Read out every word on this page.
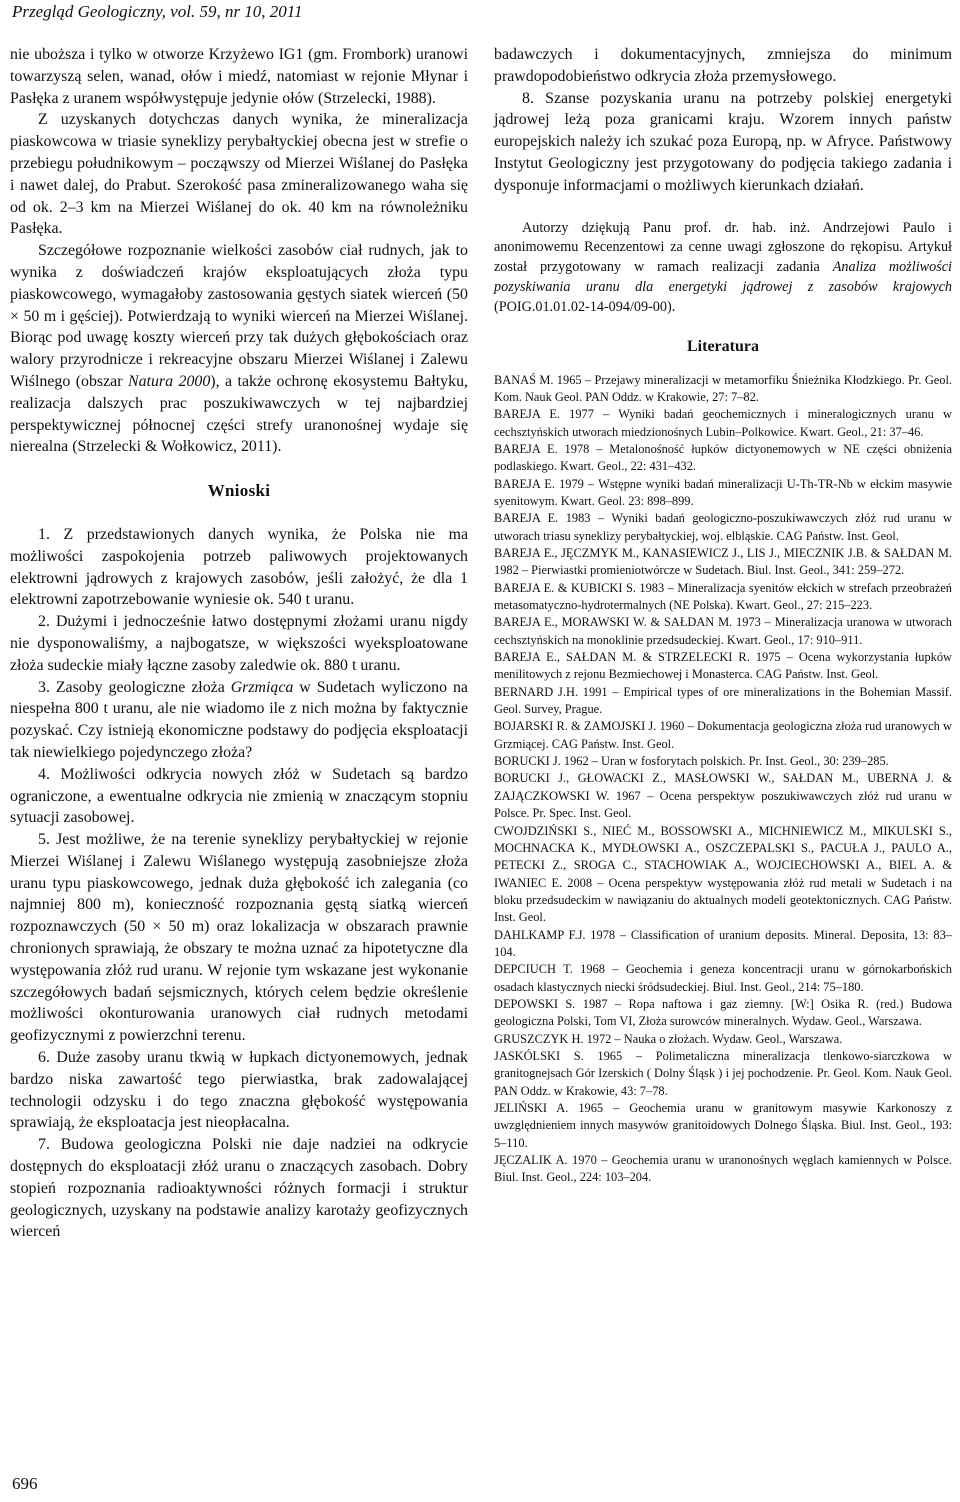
Przegląd Geologiczny, vol. 59, nr 10, 2011

nie uboższa i tylko w otworze Krzyżewo IG1 (gm. Frombork) uranowi towarzyszą selen, wanad, ołów i miedź, natomiast w rejonie Młynar i Pasłęka z uranem współwystępuje jedynie ołów (Strzelecki, 1988).

Z uzyskanych dotychczas danych wynika, że mineralizacja piaskowcowa w triasie syneklizy perybałtyckiej obecna jest w strefie o przebiegu południkowym – począwszy od Mierzei Wiślanej do Pasłęka i nawet dalej, do Prabut. Szerokość pasa zmineralizowanego waha się od ok. 2–3 km na Mierzei Wiślanej do ok. 40 km na równoleżniku Pasłęka.

Szczegółowe rozpoznanie wielkości zasobów ciał rudnych, jak to wynika z doświadczeń krajów eksploatujących złoża typu piaskowcowego, wymagałoby zastosowania gęstych siatek wierceń (50 × 50 m i gęściej). Potwierdzają to wyniki wierceń na Mierzei Wiślanej. Biorąc pod uwagę koszty wierceń przy tak dużych głębokościach oraz walory przyrodnicze i rekreacyjne obszaru Mierzei Wiślanej i Zalewu Wiślnego (obszar Natura 2000), a także ochronę ekosystemu Bałtyku, realizacja dalszych prac poszukiwawczych w tej najbardziej perspektywicznej północnej części strefy uranonośnej wydaje się nierealna (Strzelecki & Wołkowicz, 2011).

Wnioski

1. Z przedstawionych danych wynika, że Polska nie ma możliwości zaspokojenia potrzeb paliwowych projektowanych elektrowni jądrowych z krajowych zasobów, jeśli założyć, że dla 1 elektrowni zapotrzebowanie wyniesie ok. 540 t uranu.

2. Dużymi i jednocześnie łatwo dostępnymi złożami uranu nigdy nie dysponowaliśmy, a najbogatsze, w większości wyeksploatowane złoża sudeckie miały łączne zasoby zaledwie ok. 880 t uranu.

3. Zasoby geologiczne złoża Grzmiąca w Sudetach wyliczono na niespełna 800 t uranu, ale nie wiadomo ile z nich można by faktycznie pozyskać. Czy istnieją ekonomiczne podstawy do podjęcia eksploatacji tak niewielkiego pojedynczego złoża?

4. Możliwości odkrycia nowych złóż w Sudetach są bardzo ograniczone, a ewentualne odkrycia nie zmienią w znaczącym stopniu sytuacji zasobowej.

5. Jest możliwe, że na terenie syneklizy perybałtyckiej w rejonie Mierzei Wiślanej i Zalewu Wiślanego występują zasobniejsze złoża uranu typu piaskowcowego, jednak duża głębokość ich zalegania (co najmniej 800 m), konieczność rozpoznania gęstą siatką wierceń rozpoznawczych (50 × 50 m) oraz lokalizacja w obszarach prawnie chronionych sprawiają, że obszary te można uznać za hipotetyczne dla występowania złóż rud uranu. W rejonie tym wskazane jest wykonanie szczegółowych badań sejsmicznych, których celem będzie określenie możliwości okonturowania uranowych ciał rudnych metodami geofizycznymi z powierzchni terenu.

6. Duże zasoby uranu tkwią w łupkach dictyonemowych, jednak bardzo niska zawartość tego pierwiastka, brak zadowalającej technologii odzysku i do tego znaczna głębokość występowania sprawiają, że eksploatacja jest nieopłacalna.

7. Budowa geologiczna Polski nie daje nadziei na odkrycie dostępnych do eksploatacji złóż uranu o znaczących zasobach. Dobry stopień rozpoznania radioaktywności różnych formacji i struktur geologicznych, uzyskany na podstawie analizy karotaży geofizycznych wierceń

badawczych i dokumentacyjnych, zmniejsza do minimum prawdopodobieństwo odkrycia złoża przemysłowego.

8. Szanse pozyskania uranu na potrzeby polskiej energetyki jądrowej leżą poza granicami kraju. Wzorem innych państw europejskich należy ich szukać poza Europą, np. w Afryce. Państwowy Instytut Geologiczny jest przygotowany do podjęcia takiego zadania i dysponuje informacjami o możliwych kierunkach działań.

Autorzy dziękują Panu prof. dr. hab. inż. Andrzejowi Paulo i anonimowemu Recenzentowi za cenne uwagi zgłoszone do rękopisu. Artykuł został przygotowany w ramach realizacji zadania Analiza możliwości pozyskiwania uranu dla energetyki jądrowej z zasobów krajowych (POIG.01.01.02-14-094/09-00).

Literatura

BANAŚ M. 1965 – Przejawy mineralizacji w metamorfiku Śnieżnika Kłodzkiego. Pr. Geol. Kom. Nauk Geol. PAN Oddz. w Krakowie, 27: 7–82.

BAREJA E. 1977 – Wyniki badań geochemicznych i mineralogicznych uranu w cechsztyńskich utworach miedzionośnych Lubin–Polkowice. Kwart. Geol., 21: 37–46.

BAREJA E. 1978 – Metalonośność łupków dictyonemowych w NE części obniżenia podlaskiego. Kwart. Geol., 22: 431–432.

BAREJA E. 1979 – Wstępne wyniki badań mineralizacji U-Th-TR-Nb w ełckim masywie syenitowym. Kwart. Geol. 23: 898–899.

BAREJA E. 1983 – Wyniki badań geologiczno-poszukiwawczych złóż rud uranu w utworach triasu syneklizy perybałtyckiej, woj. elbląskie. CAG Państw. Inst. Geol.

BAREJA E., JĘCZMYK M., KANASIEWICZ J., LIS J., MIECZNIK J.B. & SAŁDAN M. 1982 – Pierwiastki promieniotwórcze w Sudetach. Biul. Inst. Geol., 341: 259–272.

BAREJA E. & KUBICKI S. 1983 – Mineralizacja syenitów ełckich w strefach przeobrażeń metasomatyczno-hydrotermalnych (NE Polska). Kwart. Geol., 27: 215–223.

BAREJA E., MORAWSKI W. & SAŁDAN M. 1973 – Mineralizacja uranowa w utworach cechsztyńskich na monoklinie przedsudeckiej. Kwart. Geol., 17: 910–911.

BAREJA E., SAŁDAN M. & STRZELECKI R. 1975 – Ocena wykorzystania łupków menilitowych z rejonu Bezmiechowej i Monasterca. CAG Państw. Inst. Geol.

BERNARD J.H. 1991 – Empirical types of ore mineralizations in the Bohemian Massif. Geol. Survey, Prague.

BOJARSKI R. & ZAMOJSKI J. 1960 – Dokumentacja geologiczna złoża rud uranowych w Grzmiącej. CAG Państw. Inst. Geol.

BORUCKI J. 1962 – Uran w fosforytach polskich. Pr. Inst. Geol., 30: 239–285.

BORUCKI J., GŁOWACKI Z., MASŁOWSKI W., SAŁDAN M., UBERNA J. & ZAJĄCZKOWSKI W. 1967 – Ocena perspektyw poszukiwawczych złóż rud uranu w Polsce. Pr. Spec. Inst. Geol.

CWOJDZIŃSKI S., NIEĆ M., BOSSOWSKI A., MICHNIEWICZ M., MIKULSKI S., MOCHNACKA K., MYDŁOWSKI A., OSZCZEPALSKI S., PACUŁA J., PAULO A., PETECKI Z., SROGA C., STACHOWIAK A., WOJCIECHOWSKI A., BIEL A. & IWANIEC E. 2008 – Ocena perspektyw występowania złóż rud metali w Sudetach i na bloku przedsudeckim w nawiązaniu do aktualnych modeli geotektonicznych. CAG Państw. Inst. Geol.

DAHLKAMP F.J. 1978 – Classification of uranium deposits. Mineral. Deposita, 13: 83–104.

DEPCIUCH T. 1968 – Geochemia i geneza koncentracji uranu w górnokarbońskich osadach klastycznych niecki śródsudeckiej. Biul. Inst. Geol., 214: 75–180.

DEPOWSKI S. 1987 – Ropa naftowa i gaz ziemny. [W:] Osika R. (red.) Budowa geologiczna Polski, Tom VI, Złoża surowców mineralnych. Wydaw. Geol., Warszawa.

GRUSZCZYK H. 1972 – Nauka o złożach. Wydaw. Geol., Warszawa.

JASKÓLSKI S. 1965 – Polimetaliczna mineralizacja tlenkowo-siarczkowa w granitognejsach Gór Izerskich ( Dolny Śląsk ) i jej pochodzenie. Pr. Geol. Kom. Nauk Geol. PAN Oddz. w Krakowie, 43: 7–78.

JELIŃSKI A. 1965 – Geochemia uranu w granitowym masywie Karkonoszy z uwzględnieniem innych masywów granitoidowych Dolnego Śląska. Biul. Inst. Geol., 193: 5–110.

JĘCZALIK A. 1970 – Geochemia uranu w uranonośnych węglach kamiennych w Polsce. Biul. Inst. Geol., 224: 103–204.

696
